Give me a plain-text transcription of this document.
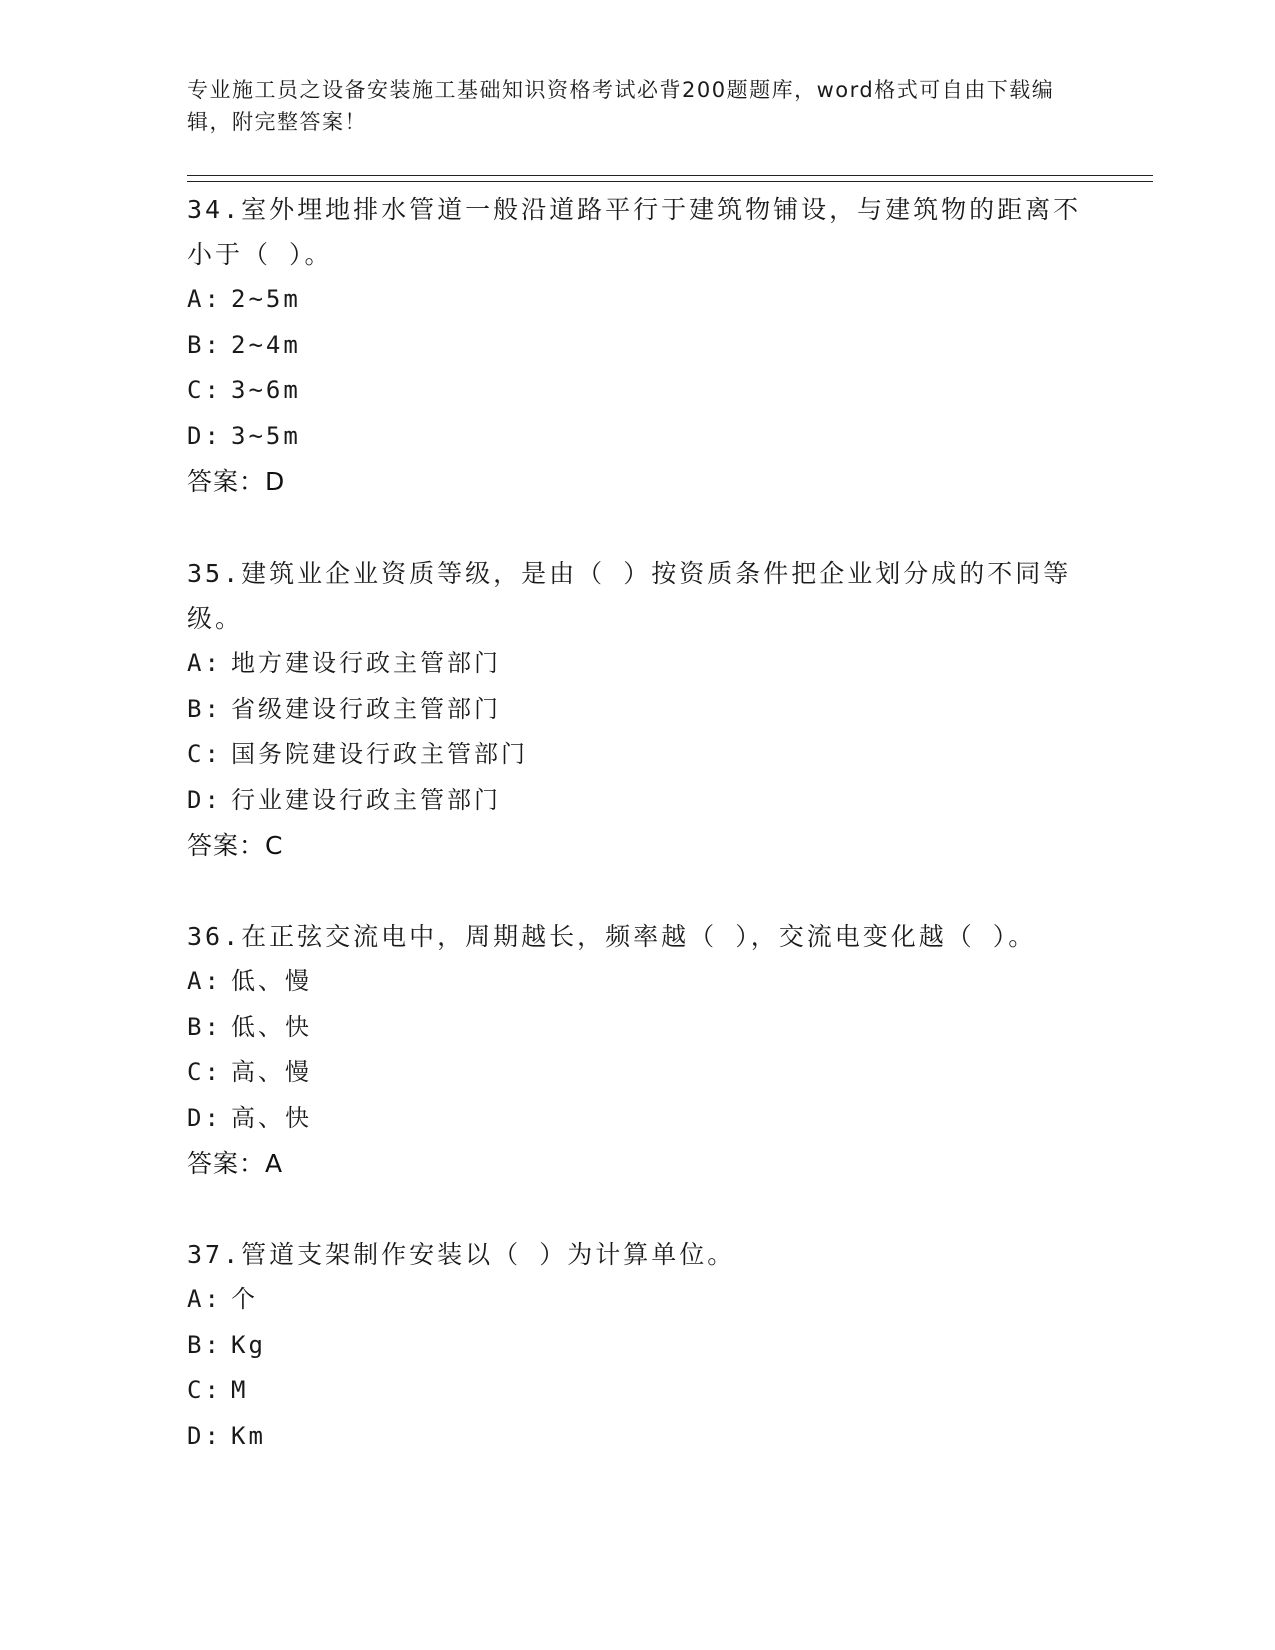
专业施工员之设备安装施工基础知识资格考试必背200题题库，word格式可自由下载编辑，附完整答案！
34.室外埋地排水管道一般沿道路平行于建筑物铺设，与建筑物的距离不小于（ ）。
A: 2~5m
B: 2~4m
C: 3~6m
D: 3~5m
答案：D
35.建筑业企业资质等级，是由（ ）按资质条件把企业划分成的不同等级。
A: 地方建设行政主管部门
B: 省级建设行政主管部门
C: 国务院建设行政主管部门
D: 行业建设行政主管部门
答案：C
36.在正弦交流电中，周期越长，频率越（ ），交流电变化越（ ）。
A: 低、慢
B: 低、快
C: 高、慢
D: 高、快
答案：A
37.管道支架制作安装以（ ）为计算单位。
A: 个
B: Kg
C: M
D: Km
